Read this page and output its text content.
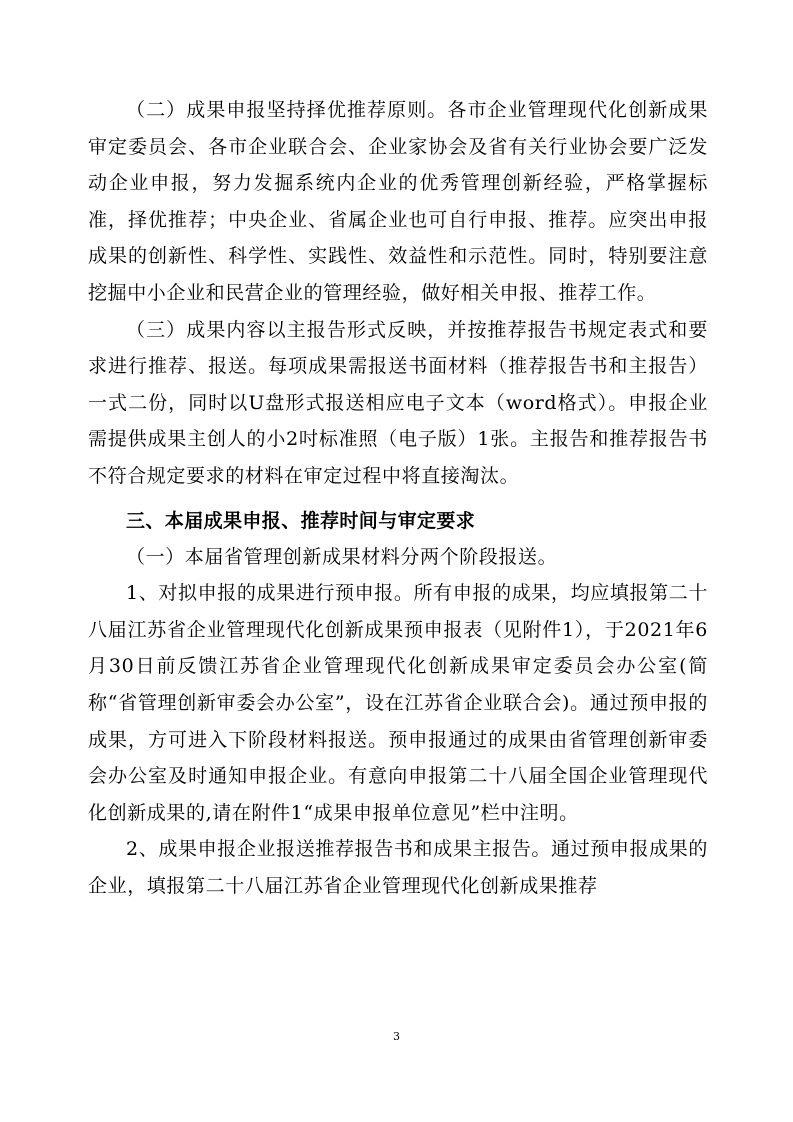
（二）成果申报坚持择优推荐原则。各市企业管理现代化创新成果审定委员会、各市企业联合会、企业家协会及省有关行业协会要广泛发动企业申报，努力发掘系统内企业的优秀管理创新经验，严格掌握标准，择优推荐；中央企业、省属企业也可自行申报、推荐。应突出申报成果的创新性、科学性、实践性、效益性和示范性。同时，特别要注意挖掘中小企业和民营企业的管理经验，做好相关申报、推荐工作。

（三）成果内容以主报告形式反映，并按推荐报告书规定表式和要求进行推荐、报送。每项成果需报送书面材料（推荐报告书和主报告）一式二份，同时以U盘形式报送相应电子文本（word格式）。申报企业需提供成果主创人的小2吋标准照（电子版）1张。主报告和推荐报告书不符合规定要求的材料在审定过程中将直接淘汰。

三、本届成果申报、推荐时间与审定要求

（一）本届省管理创新成果材料分两个阶段报送。

1、对拟申报的成果进行预申报。所有申报的成果，均应填报第二十八届江苏省企业管理现代化创新成果预申报表（见附件1），于2021年6月30日前反馈江苏省企业管理现代化创新成果审定委员会办公室(简称“省管理创新审委会办公室”，设在江苏省企业联合会)。通过预申报的成果，方可进入下阶段材料报送。预申报通过的成果由省管理创新审委会办公室及时通知申报企业。有意向申报第二十八届全国企业管理现代化创新成果的,请在附件1“成果申报单位意见”栏中注明。

2、成果申报企业报送推荐报告书和成果主报告。通过预申报成果的企业，填报第二十八届江苏省企业管理现代化创新成果推荐

3
